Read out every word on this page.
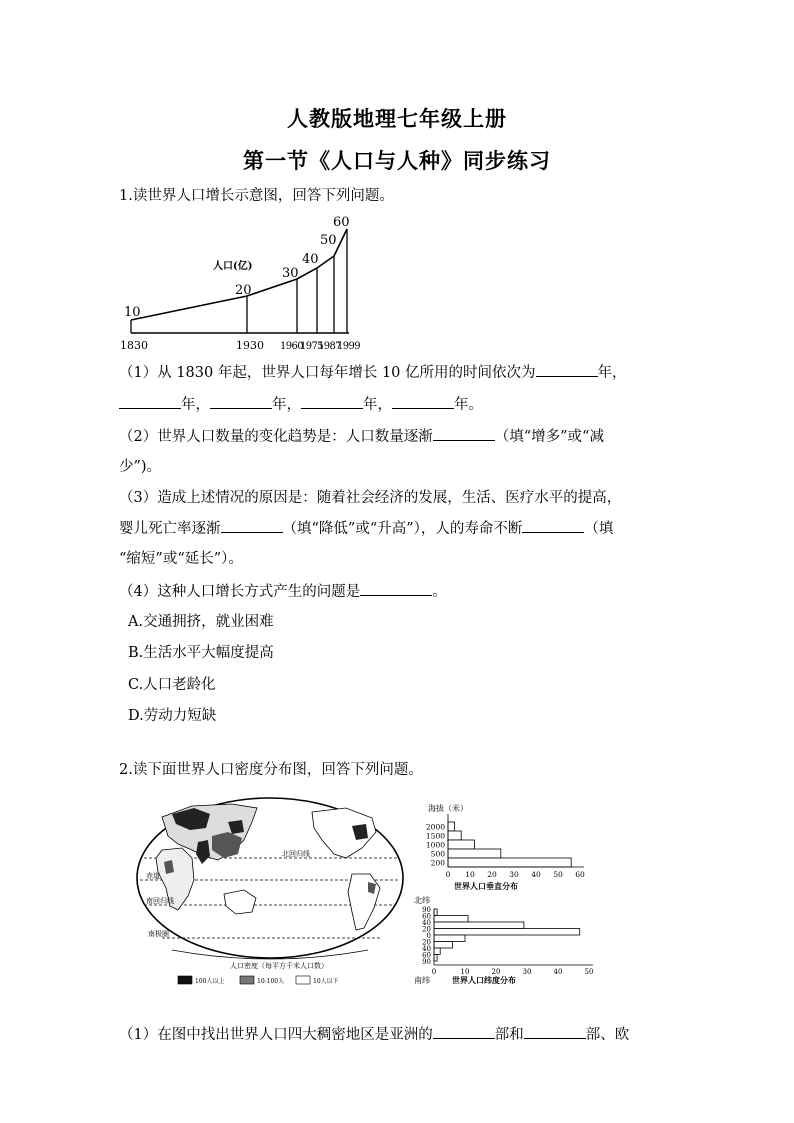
人教版地理七年级上册
第一节《人口与人种》同步练习
1.读世界人口增长示意图，回答下列问题。
人口(亿)
10
20
30
40
50
60
1830	1930 1960
1975
1987
1999
（1）从 1830 年起，世界人口每年增长 10 亿所用的时间依次为	年，
年，	年，	年，	年。
（2）世界人口数量的变化趋势是：人口数量逐渐	（填“增多”或“减
少”)。
（3）造成上述情况的原因是：随着社会经济的发展，生活、医疗水平的提高，
婴儿死亡率逐渐	（填“降低”或“升高”），人的寿命不断	（填
“缩短”或“延长”）。
（4）这种人口增长方式产生的问题是	。
A.交通拥挤，就业困难
B.生活水平大幅度提高
C.人口老龄化
D.劳动力短缺
2.读下面世界人口密度分布图，回答下列问题。
北回归线
赤道
南回归线
南极圈
人口密度（每平方千米人口数）
100人以上	10-100人	10人以下
海拔（米）
2000
1500
1000
500
200
0 10 20 30 40 50 60
世界人口垂直分布
北纬
90
60
40
20
0
20
40
60
90
0	10	20	30	40	50
南纬	世界人口纬度分布
（1）在图中找出世界人口四大稠密地区是亚洲的	部和	部、欧
